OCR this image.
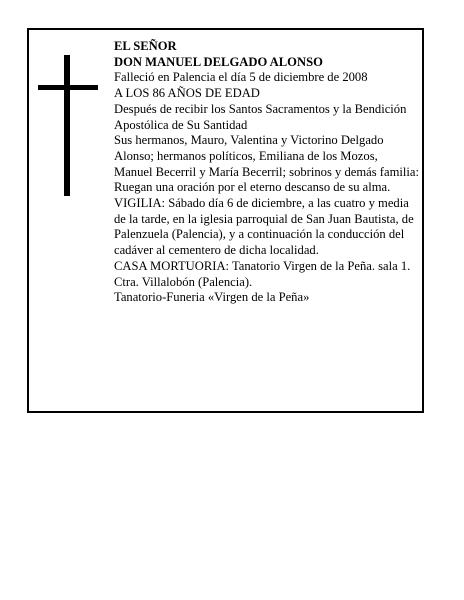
EL SEÑOR

DON MANUEL DELGADO ALONSO

Falleció en Palencia el día 5 de diciembre de 2008

A LOS 86 AÑOS DE EDAD

Después de recibir los Santos Sacramentos y la Bendición Apostólica de Su Santidad

Sus hermanos, Mauro, Valentina y Victorino Delgado Alonso; hermanos políticos, Emiliana de los Mozos, Manuel Becerril y María Becerril; sobrinos y demás familia:

Ruegan una oración por el eterno descanso de su alma.

VIGILIA: Sábado día 6 de diciembre, a las cuatro y media de la tarde, en la iglesia parroquial de San Juan Bautista, de Palenzuela (Palencia), y a continuación la conducción del cadáver al cementero de dicha localidad.

CASA MORTUORIA: Tanatorio Virgen de la Peña. sala 1. Ctra. Villalobón (Palencia).

Tanatorio-Funeria «Virgen de la Peña»
